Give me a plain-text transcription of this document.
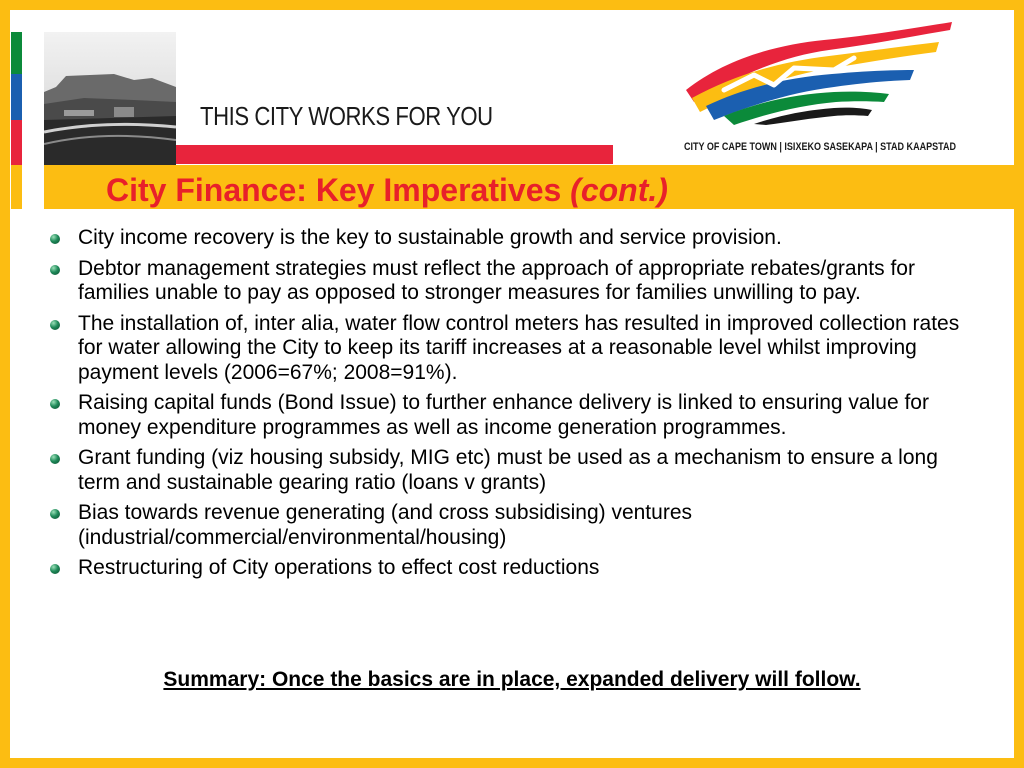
THIS CITY WORKS FOR YOU
CITY OF CAPE TOWN | ISIXEKO SASEKAPA | STAD KAAPSTAD
City Finance: Key Imperatives (cont.)
City income recovery is the key to sustainable growth and service provision.
Debtor management strategies must reflect the approach of appropriate rebates/grants for families unable to pay as opposed to stronger measures for families unwilling to pay.
The installation of, inter alia, water flow control meters has resulted in improved collection rates for water allowing the City to keep its tariff increases at a reasonable level whilst improving payment levels (2006=67%; 2008=91%).
Raising capital funds (Bond Issue) to further enhance delivery is linked to ensuring value for money expenditure programmes as well as income generation programmes.
Grant funding (viz housing subsidy, MIG etc) must be used as a mechanism to ensure a long term and sustainable gearing ratio (loans v grants)
Bias towards revenue generating (and cross subsidising) ventures (industrial/commercial/environmental/housing)
Restructuring of City operations to effect cost reductions
Summary: Once the basics are in place, expanded delivery will follow.
